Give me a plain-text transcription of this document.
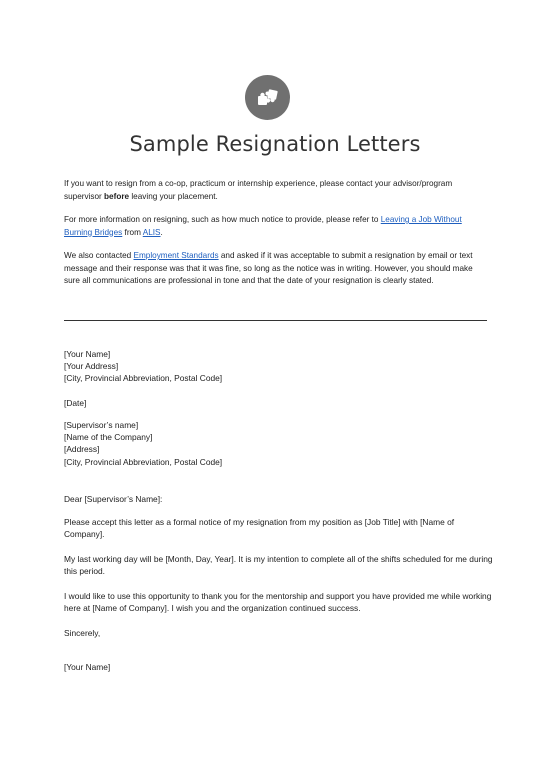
Sample Resignation Letters

If you want to resign from a co-op, practicum or internship experience, please contact your advisor/program supervisor before leaving your placement.

For more information on resigning, such as how much notice to provide, please refer to Leaving a Job Without Burning Bridges from ALIS.

We also contacted Employment Standards and asked if it was acceptable to submit a resignation by email or text message and their response was that it was fine, so long as the notice was in writing. However, you should make sure all communications are professional in tone and that the date of your resignation is clearly stated.

[Your Name]

[Your Address]

[City, Provincial Abbreviation, Postal Code]

[Date]

[Supervisor’s name]

[Name of the Company]

[Address]

[City, Provincial Abbreviation, Postal Code]

Dear [Supervisor’s Name]:

Please accept this letter as a formal notice of my resignation from my position as [Job Title] with [Name of Company].

My last working day will be [Month, Day, Year]. It is my intention to complete all of the shifts scheduled for me during this period.

I would like to use this opportunity to thank you for the mentorship and support you have provided me while working here at [Name of Company]. I wish you and the organization continued success.

Sincerely,

[Your Name]
